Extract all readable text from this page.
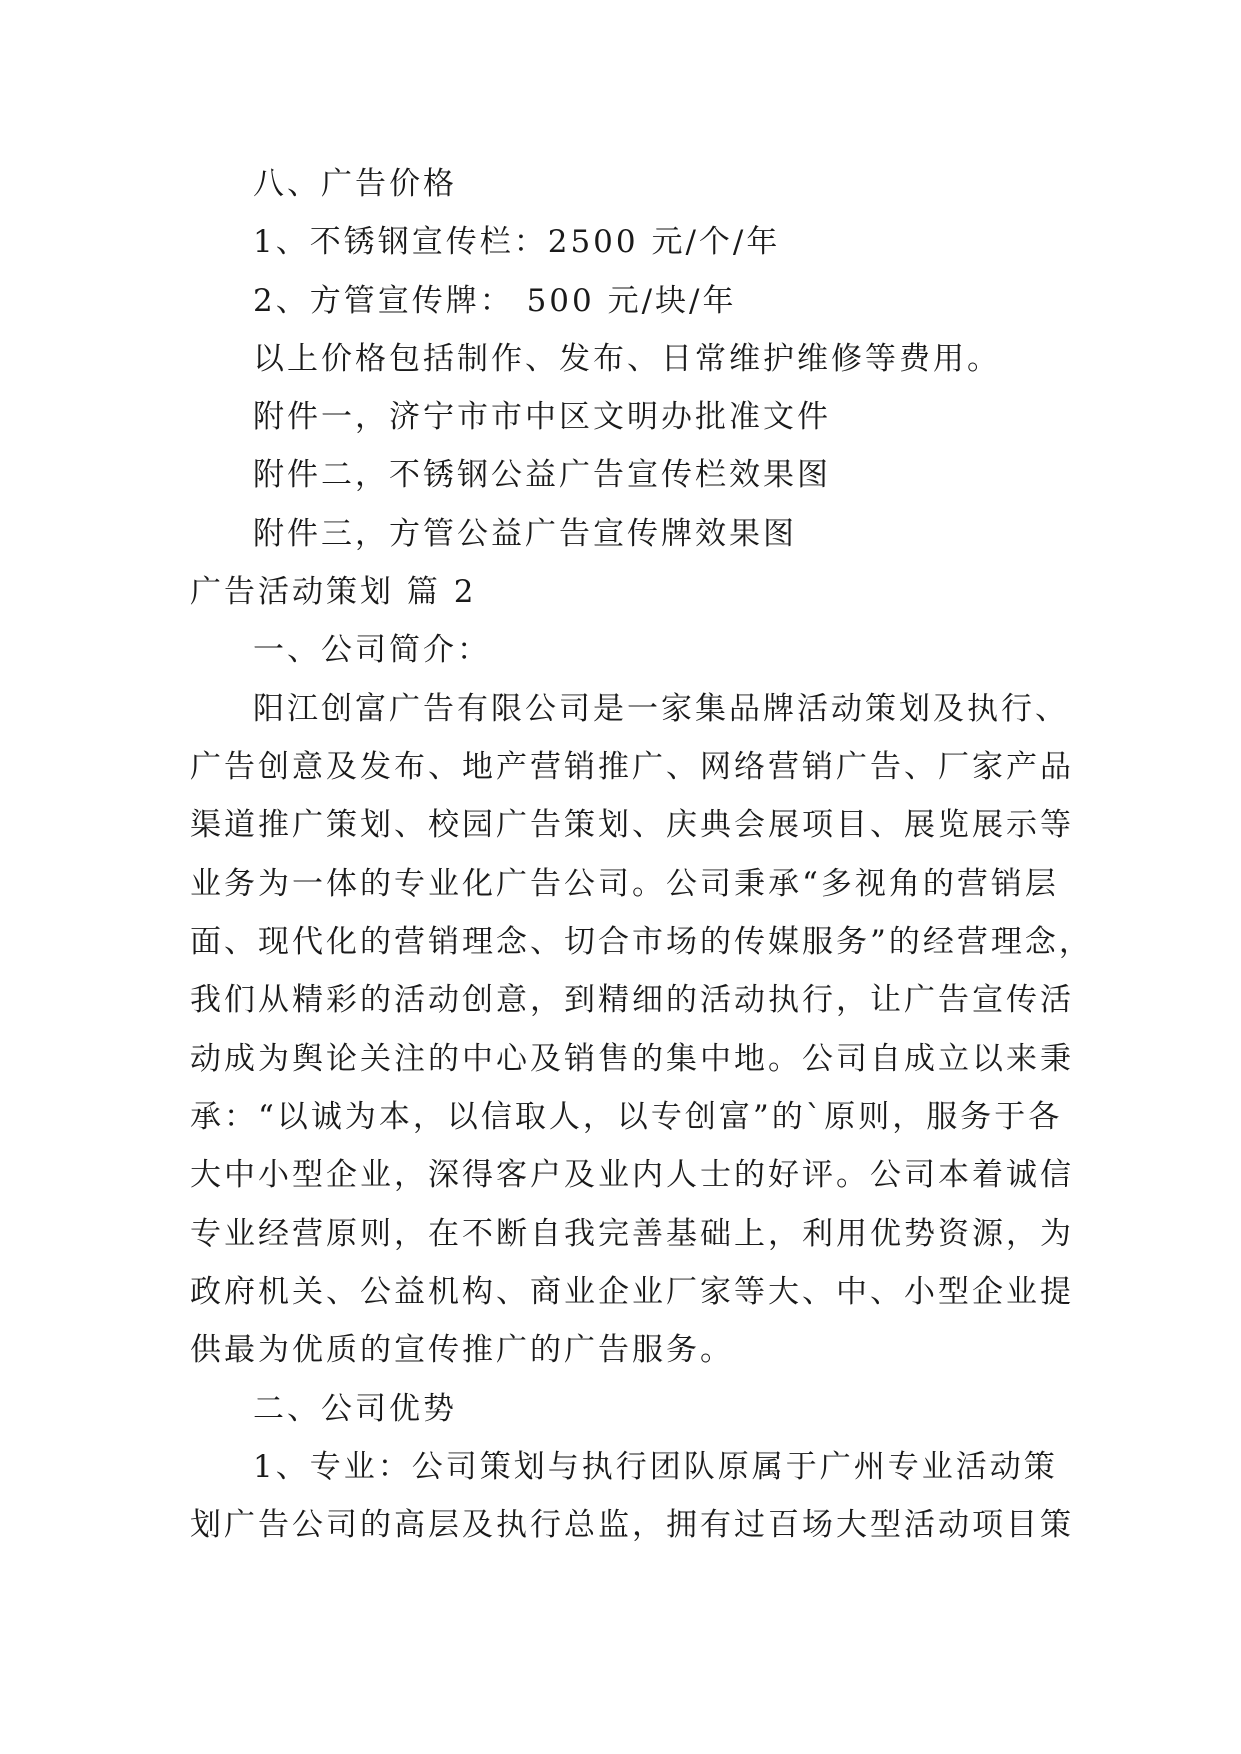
八、广告价格
1、不锈钢宣传栏：2500 元/个/年
2、方管宣传牌： 500 元/块/年
以上价格包括制作、发布、日常维护维修等费用。
附件一，济宁市市中区文明办批准文件
附件二，不锈钢公益广告宣传栏效果图
附件三，方管公益广告宣传牌效果图
广告活动策划 篇 2
一、公司简介：
阳江创富广告有限公司是一家集品牌活动策划及执行、
广告创意及发布、地产营销推广、网络营销广告、厂家产品
渠道推广策划、校园广告策划、庆典会展项目、展览展示等
业务为一体的专业化广告公司。公司秉承“多视角的营销层
面、现代化的营销理念、切合市场的传媒服务”的经营理念，
我们从精彩的活动创意，到精细的活动执行，让广告宣传活
动成为舆论关注的中心及销售的集中地。公司自成立以来秉
承：“以诚为本，以信取人，以专创富”的`原则，服务于各
大中小型企业，深得客户及业内人士的好评。公司本着诚信
专业经营原则，在不断自我完善基础上，利用优势资源，为
政府机关、公益机构、商业企业厂家等大、中、小型企业提
供最为优质的宣传推广的广告服务。
二、公司优势
1、专业：公司策划与执行团队原属于广州专业活动策
划广告公司的高层及执行总监，拥有过百场大型活动项目策
